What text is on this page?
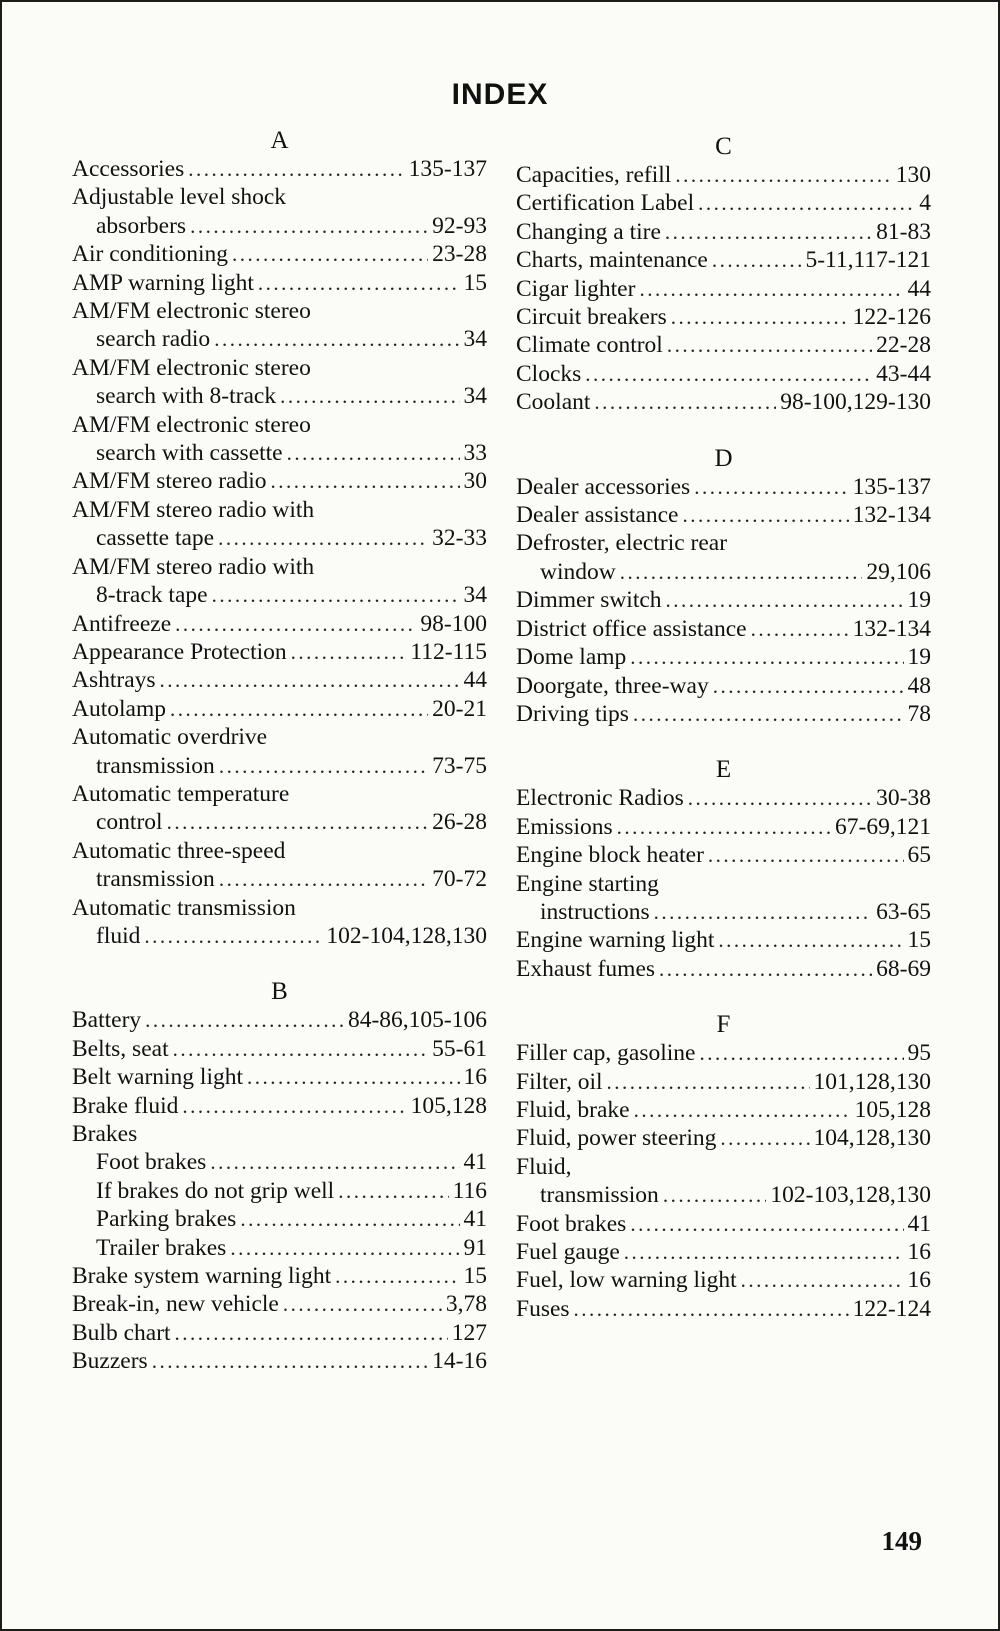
INDEX
A
Accessories .....	135-137
Adjustable level shock
absorbers .....	92-93
Air conditioning .....	23-28
AMP warning light .....	15
AM/FM electronic stereo
search radio .....	34
AM/FM electronic stereo
search with 8-track .....	34
AM/FM electronic stereo
search with cassette .....	33
AM/FM stereo radio .....	30
AM/FM stereo radio with
cassette tape .....	32-33
AM/FM stereo radio with
8-track tape .....	34
Antifreeze .....	98-100
Appearance Protection .....	112-115
Ashtrays .....	44
Autolamp .....	20-21
Automatic overdrive
transmission .....	73-75
Automatic temperature
control .....	26-28
Automatic three-speed
transmission .....	70-72
Automatic transmission
fluid .....	102-104,128,130
B
Battery .....	84-86,105-106
Belts, seat .....	55-61
Belt warning light .....	16
Brake fluid .....	105,128
Brakes
Foot brakes .....	41
If brakes do not grip well .....	116
Parking brakes .....	41
Trailer brakes .....	91
Brake system warning light .....	15
Break-in, new vehicle .....	3,78
Bulb chart .....	127
Buzzers .....	14-16
C
Capacities, refill .....	130
Certification Label .....	4
Changing a tire .....	81-83
Charts, maintenance .....	5-11,117-121
Cigar lighter .....	44
Circuit breakers .....	122-126
Climate control .....	22-28
Clocks .....	43-44
Coolant .....	98-100,129-130
D
Dealer accessories .....	135-137
Dealer assistance .....	132-134
Defroster, electric rear
window .....	29,106
Dimmer switch .....	19
District office assistance .....	132-134
Dome lamp .....	19
Doorgate, three-way .....	48
Driving tips .....	78
E
Electronic Radios .....	30-38
Emissions .....	67-69,121
Engine block heater .....	65
Engine starting
instructions .....	63-65
Engine warning light .....	15
Exhaust fumes .....	68-69
F
Filler cap, gasoline .....	95
Filter, oil .....	101,128,130
Fluid, brake .....	105,128
Fluid, power steering .....	104,128,130
Fluid,
transmission .....	102-103,128,130
Foot brakes .....	41
Fuel gauge .....	16
Fuel, low warning light .....	16
Fuses .....	122-124
149
